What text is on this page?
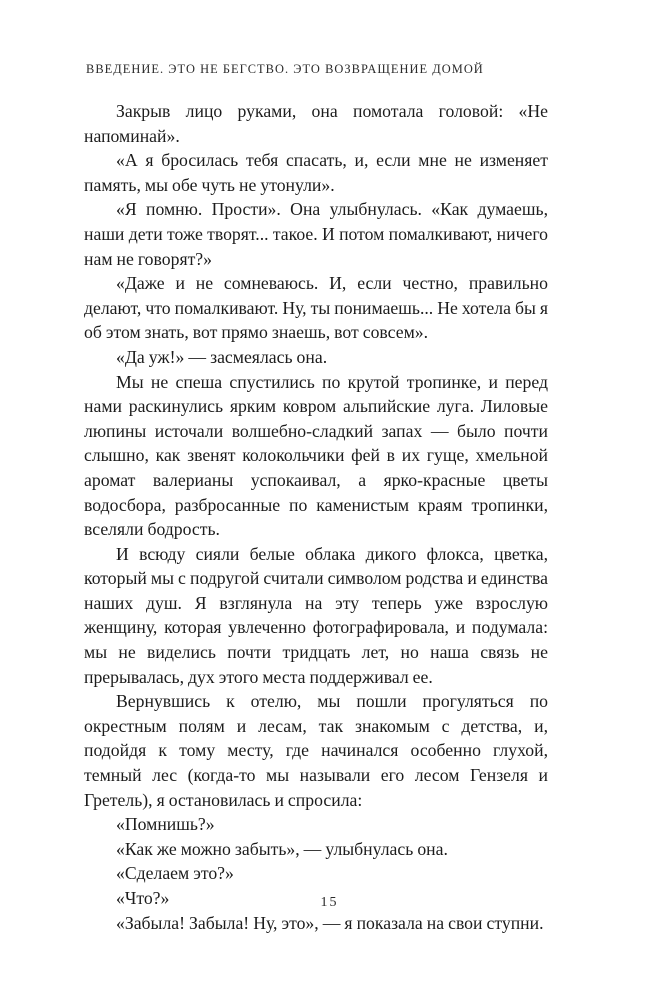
ВВЕДЕНИЕ. ЭТО НЕ БЕГСТВО. ЭТО ВОЗВРАЩЕНИЕ ДОМОЙ

Закрыв лицо руками, она помотала головой: «Не напоминай».

«А я бросилась тебя спасать, и, если мне не изменяет память, мы обе чуть не утонули».

«Я помню. Прости». Она улыбнулась. «Как думаешь, наши дети тоже творят... такое. И потом помалкивают, ничего нам не говорят?»

«Даже и не сомневаюсь. И, если честно, правильно делают, что помалкивают. Ну, ты понимаешь... Не хотела бы я об этом знать, вот прямо знаешь, вот совсем».

«Да уж!» — засмеялась она.

Мы не спеша спустились по крутой тропинке, и перед нами раскинулись ярким ковром альпийские луга. Лиловые люпины источали волшебно-сладкий запах — было почти слышно, как звенят колокольчики фей в их гуще, хмельной аромат валерианы успокаивал, а ярко-красные цветы водосбора, разбросанные по каменистым краям тропинки, вселяли бодрость.

И всюду сияли белые облака дикого флокса, цветка, который мы с подругой считали символом родства и единства наших душ. Я взглянула на эту теперь уже взрослую женщину, которая увлеченно фотографировала, и подумала: мы не виделись почти тридцать лет, но наша связь не прерывалась, дух этого места поддерживал ее.

Вернувшись к отелю, мы пошли прогуляться по окрестным полям и лесам, так знакомым с детства, и, подойдя к тому месту, где начинался особенно глухой, темный лес (когда-то мы называли его лесом Гензеля и Гретель), я остановилась и спросила:

«Помнишь?»

«Как же можно забыть», — улыбнулась она.

«Сделаем это?»

«Что?»

«Забыла! Забыла! Ну, это», — я показала на свои ступни.

15
